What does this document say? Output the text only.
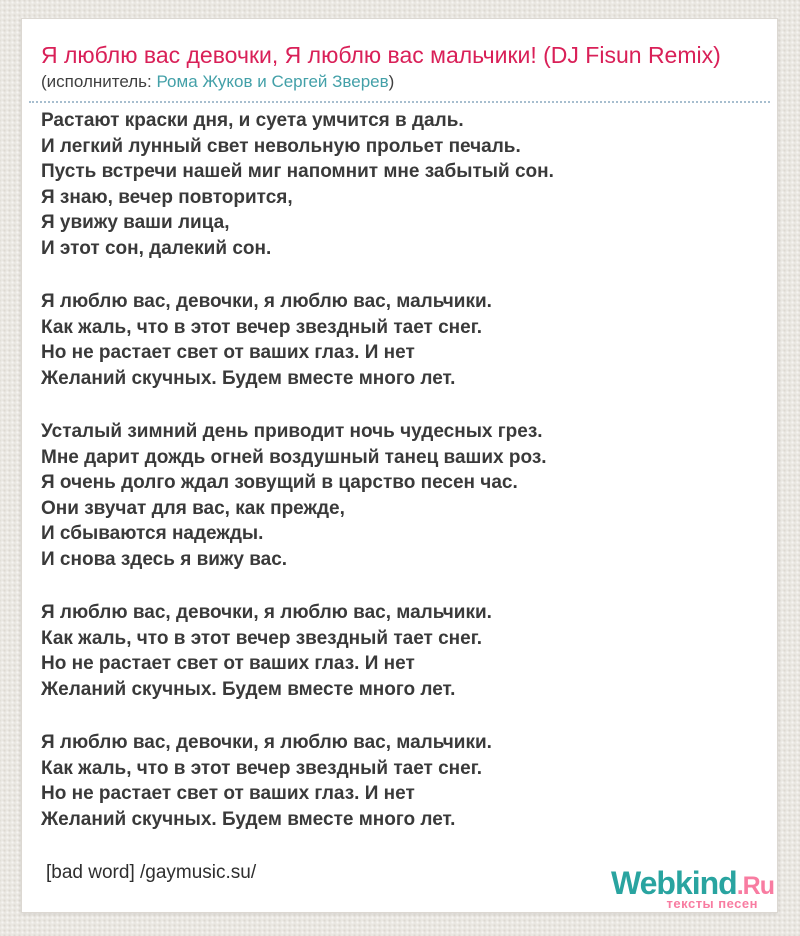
Я люблю вас девочки, Я люблю вас мальчики! (DJ Fisun Remix)
(исполнитель: Рома Жуков и Сергей Зверев)

Растают краски дня, и суета умчится в даль.
И легкий лунный свет невольную прольет печаль.
Пусть встречи нашей миг напомнит мне забытый сон.
Я знаю, вечер повторится,
Я увижу ваши лица,
И этот сон, далекий сон.

Я люблю вас, девочки, я люблю вас, мальчики.
Как жаль, что в этот вечер звездный тает снег.
Но не растает свет от ваших глаз. И нет
Желаний скучных. Будем вместе много лет.

Усталый зимний день приводит ночь чудесных грез.
Мне дарит дождь огней воздушный танец ваших роз.
Я очень долго ждал зовущий в царство песен час.
Они звучат для вас, как прежде,
И сбываются надежды.
И снова здесь я вижу вас.

Я люблю вас, девочки, я люблю вас, мальчики.
Как жаль, что в этот вечер звездный тает снег.
Но не растает свет от ваших глаз. И нет
Желаний скучных. Будем вместе много лет.

Я люблю вас, девочки, я люблю вас, мальчики.
Как жаль, что в этот вечер звездный тает снег.
Но не растает свет от ваших глаз. И нет
Желаний скучных. Будем вместе много лет.

[bad word] /gaymusic.su/	Webkind.Ru
тексты песен
